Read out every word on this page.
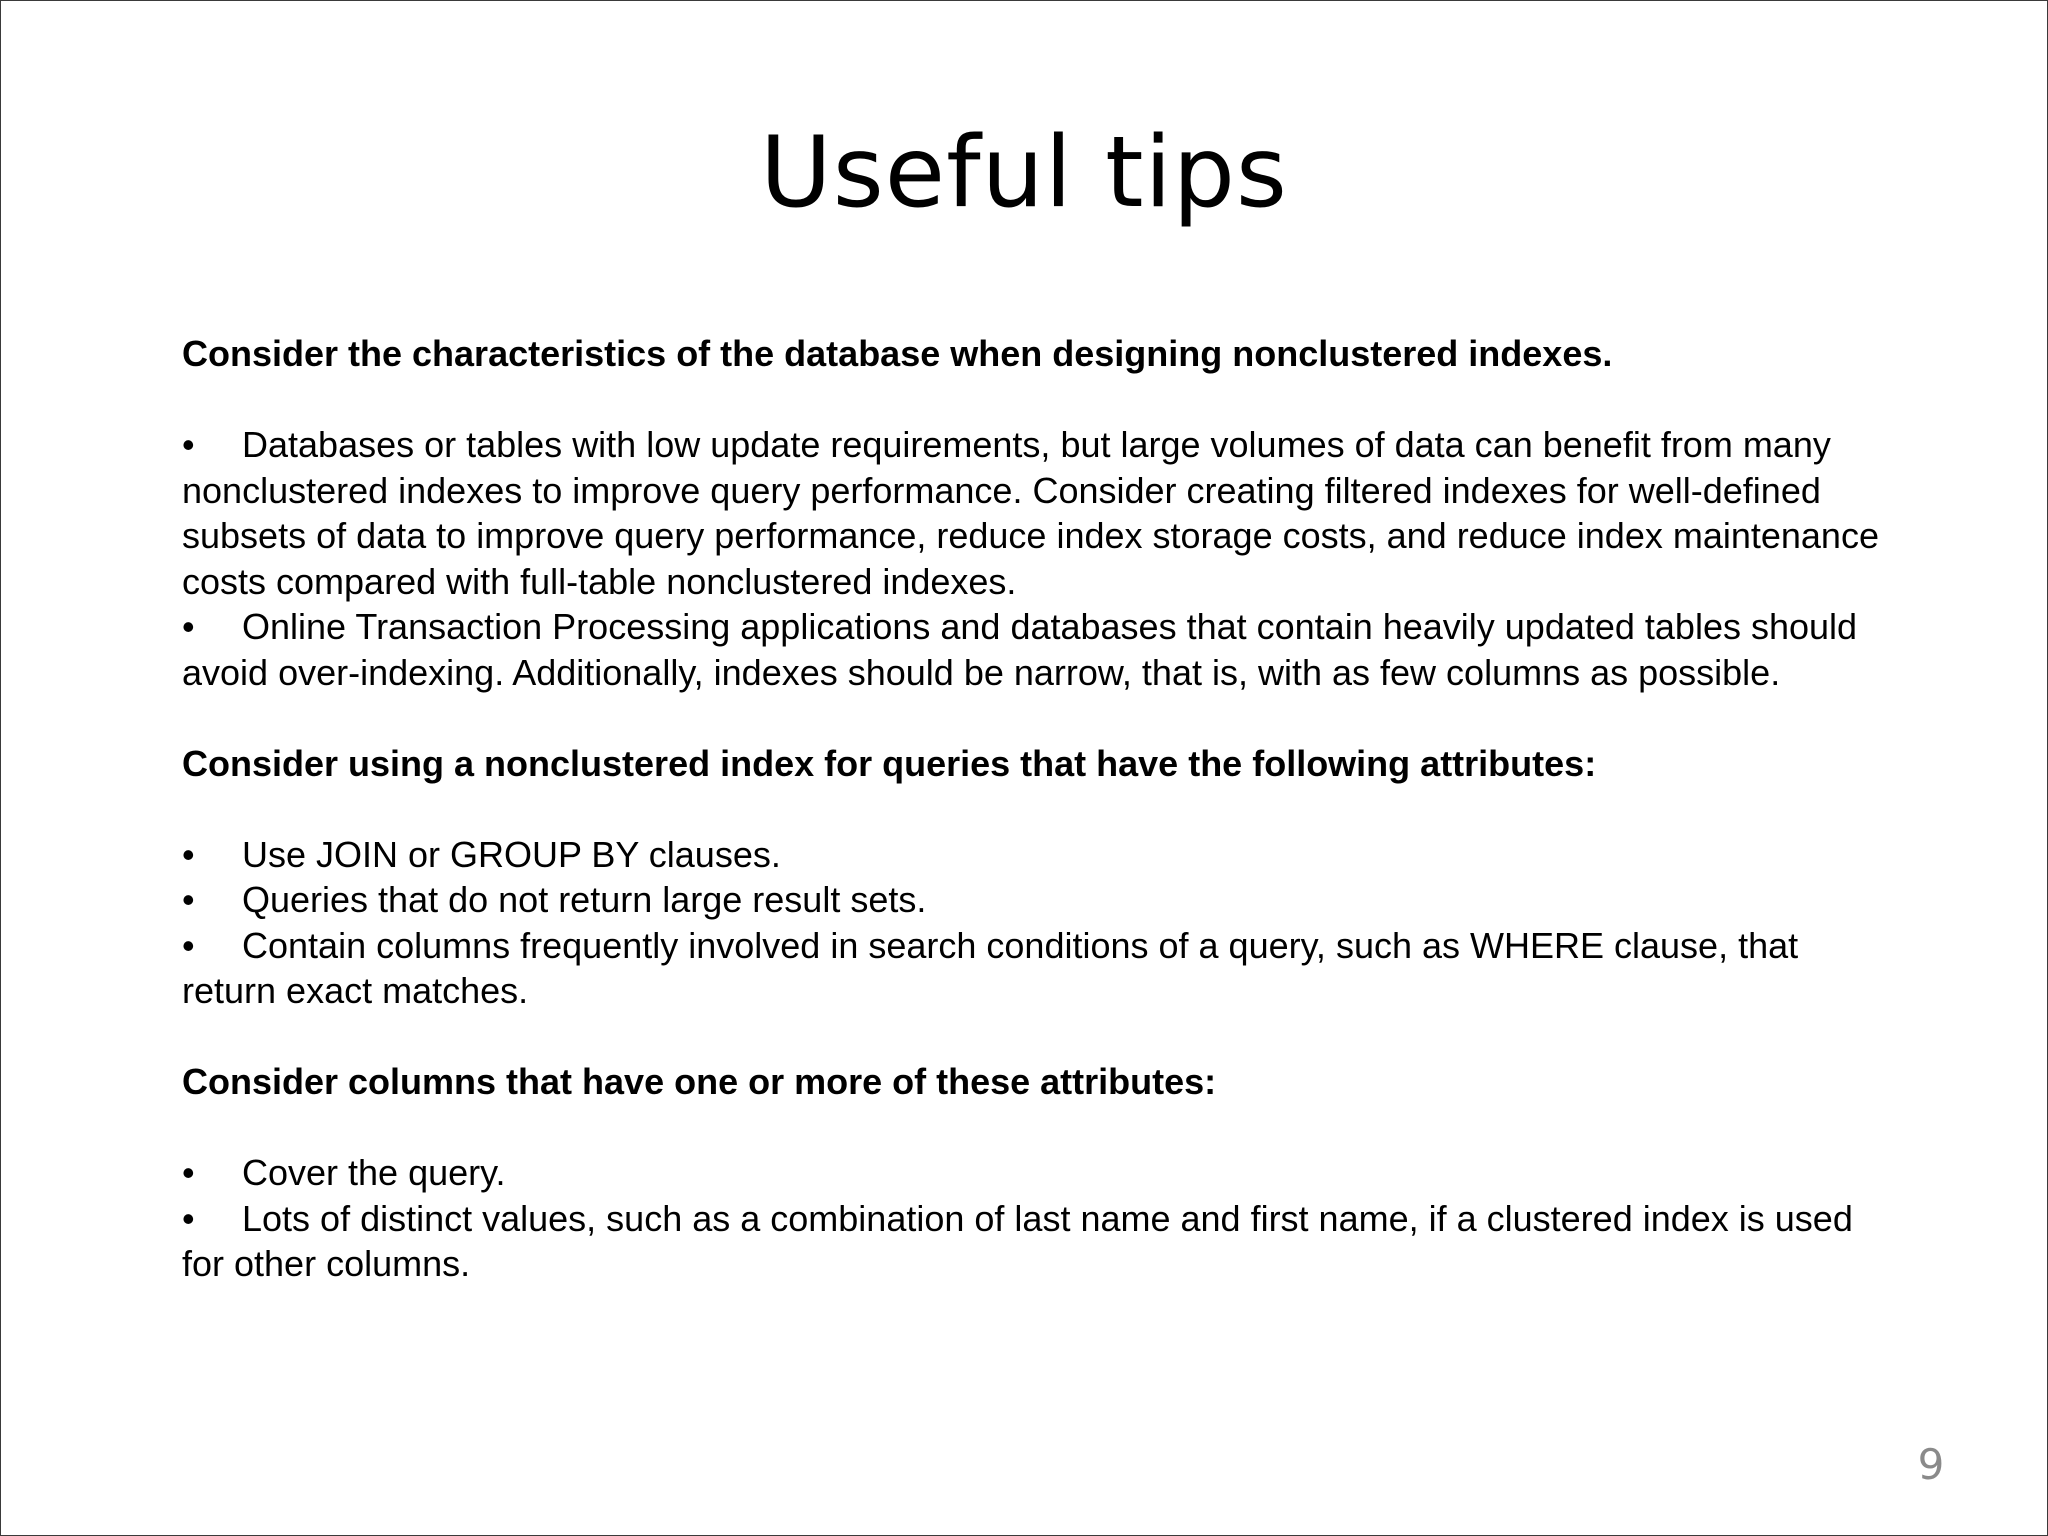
Useful tips

Consider the characteristics of the database when designing nonclustered indexes.

• Databases or tables with low update requirements, but large volumes of data can benefit from many nonclustered indexes to improve query performance. Consider creating filtered indexes for well-defined subsets of data to improve query performance, reduce index storage costs, and reduce index maintenance costs compared with full-table nonclustered indexes.

• Online Transaction Processing applications and databases that contain heavily updated tables should avoid over-indexing. Additionally, indexes should be narrow, that is, with as few columns as possible.

Consider using a nonclustered index for queries that have the following attributes:

• Use JOIN or GROUP BY clauses.

• Queries that do not return large result sets.

• Contain columns frequently involved in search conditions of a query, such as WHERE clause, that return exact matches.

Consider columns that have one or more of these attributes:

• Cover the query.

• Lots of distinct values, such as a combination of last name and first name, if a clustered index is used for other columns.

9
